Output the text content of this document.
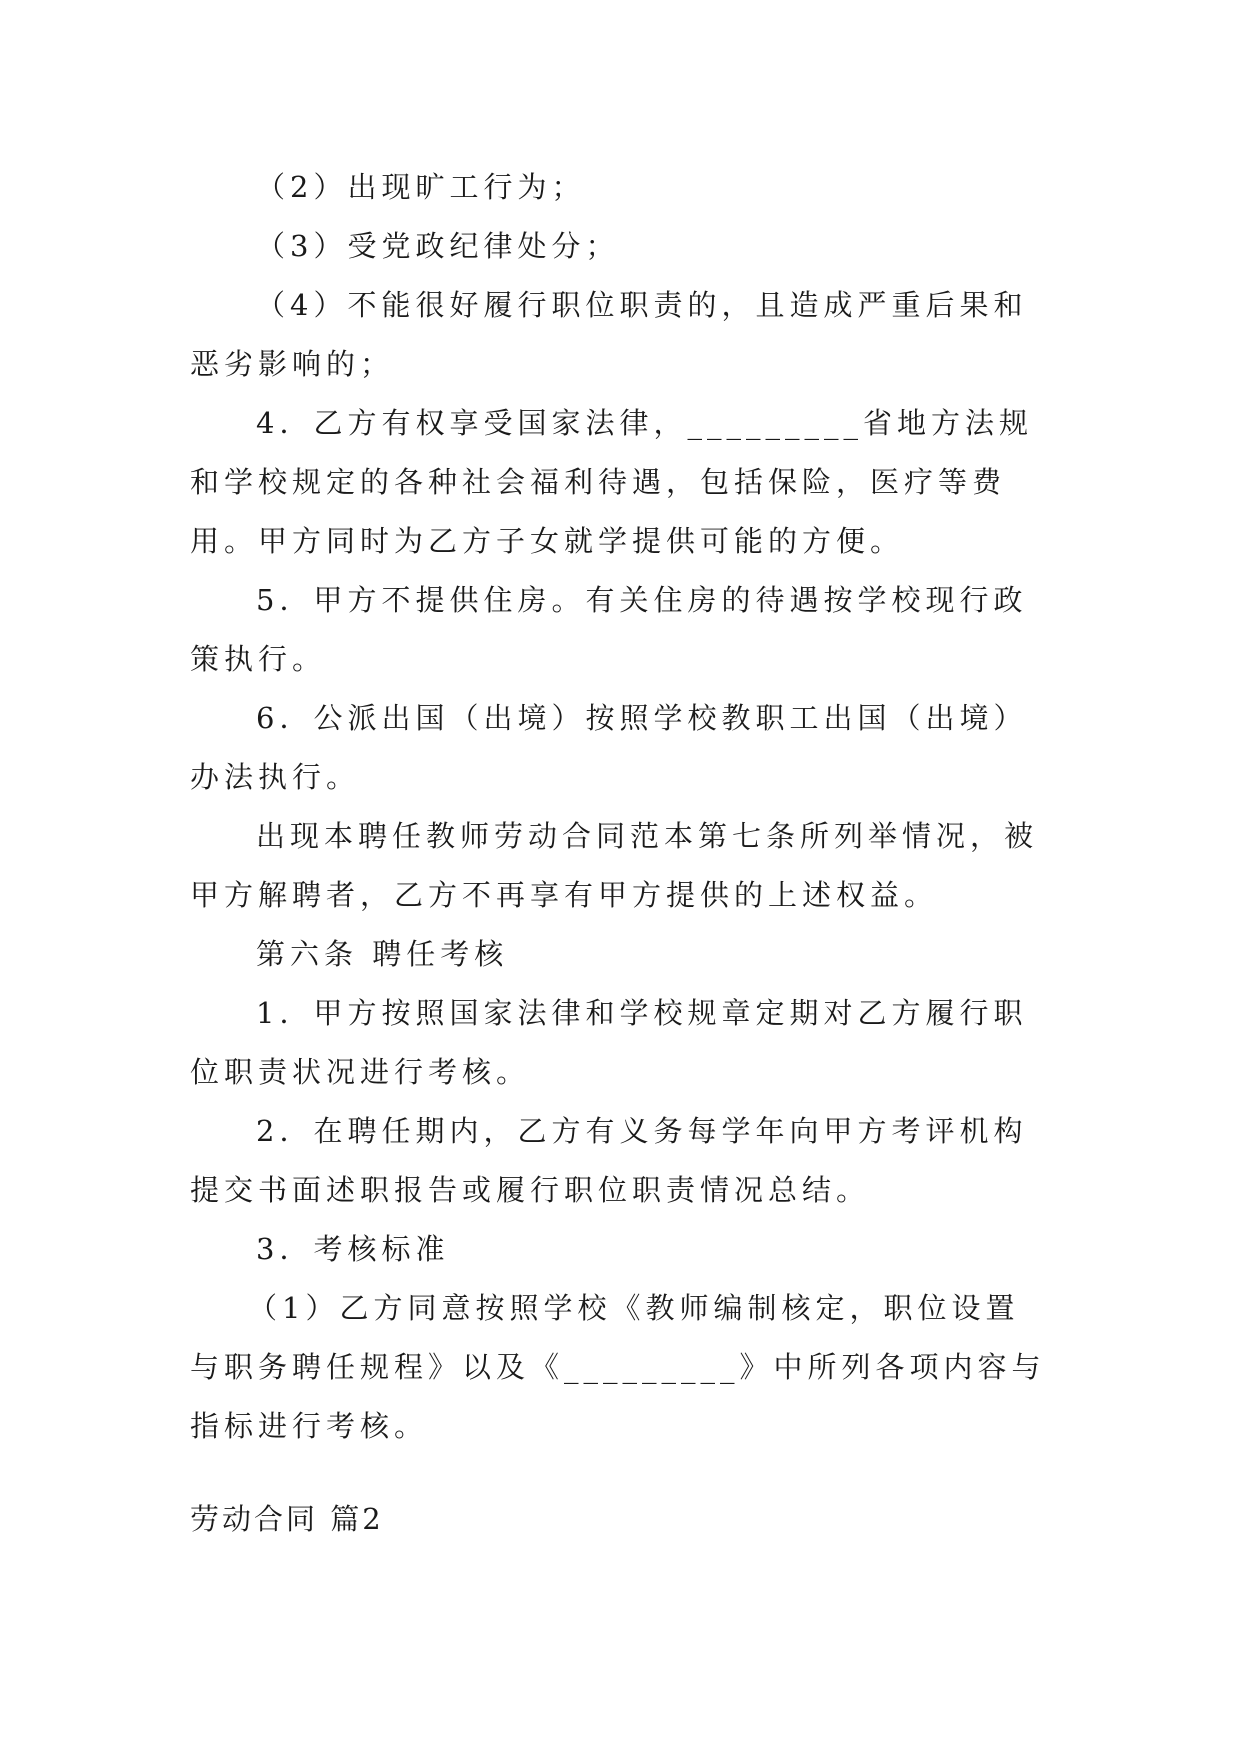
（2）出现旷工行为；

（3）受党政纪律处分；

（4）不能很好履行职位职责的，且造成严重后果和恶劣影响的；

4．乙方有权享受国家法律，_________省地方法规和学校规定的各种社会福利待遇，包括保险，医疗等费用。甲方同时为乙方子女就学提供可能的方便。

5．甲方不提供住房。有关住房的待遇按学校现行政策执行。

6．公派出国（出境）按照学校教职工出国（出境）办法执行。

出现本聘任教师劳动合同范本第七条所列举情况，被甲方解聘者，乙方不再享有甲方提供的上述权益。

第六条 聘任考核

1．甲方按照国家法律和学校规章定期对乙方履行职位职责状况进行考核。

2．在聘任期内，乙方有义务每学年向甲方考评机构提交书面述职报告或履行职位职责情况总结。

3．考核标准

（1）乙方同意按照学校《教师编制核定，职位设置与职务聘任规程》以及《_________》中所列各项内容与指标进行考核。

劳动合同 篇2
